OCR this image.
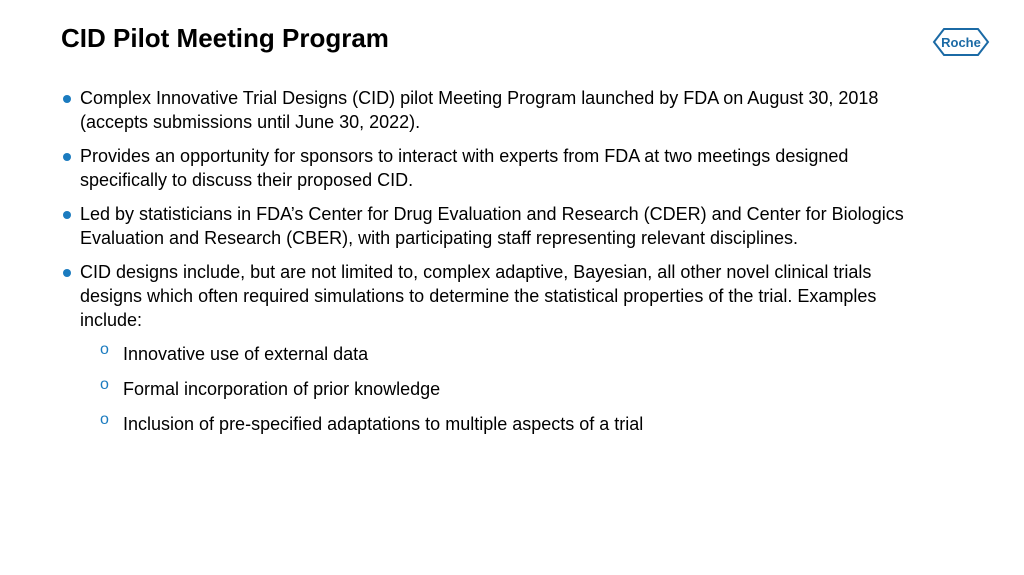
CID Pilot Meeting Program	Roche
Complex Innovative Trial Designs (CID) pilot Meeting Program launched by FDA on August 30, 2018 (accepts submissions until June 30, 2022).
Provides an opportunity for sponsors to interact with experts from FDA at two meetings designed specifically to discuss their proposed CID.
Led by statisticians in FDA’s Center for Drug Evaluation and Research (CDER) and Center for Biologics Evaluation and Research (CBER), with participating staff representing relevant disciplines.
CID designs include, but are not limited to, complex adaptive, Bayesian, all other novel clinical trials designs which often required simulations to determine the statistical properties of the trial. Examples include:
o Innovative use of external data
o Formal incorporation of prior knowledge
o Inclusion of pre-specified adaptations to multiple aspects of a trial
